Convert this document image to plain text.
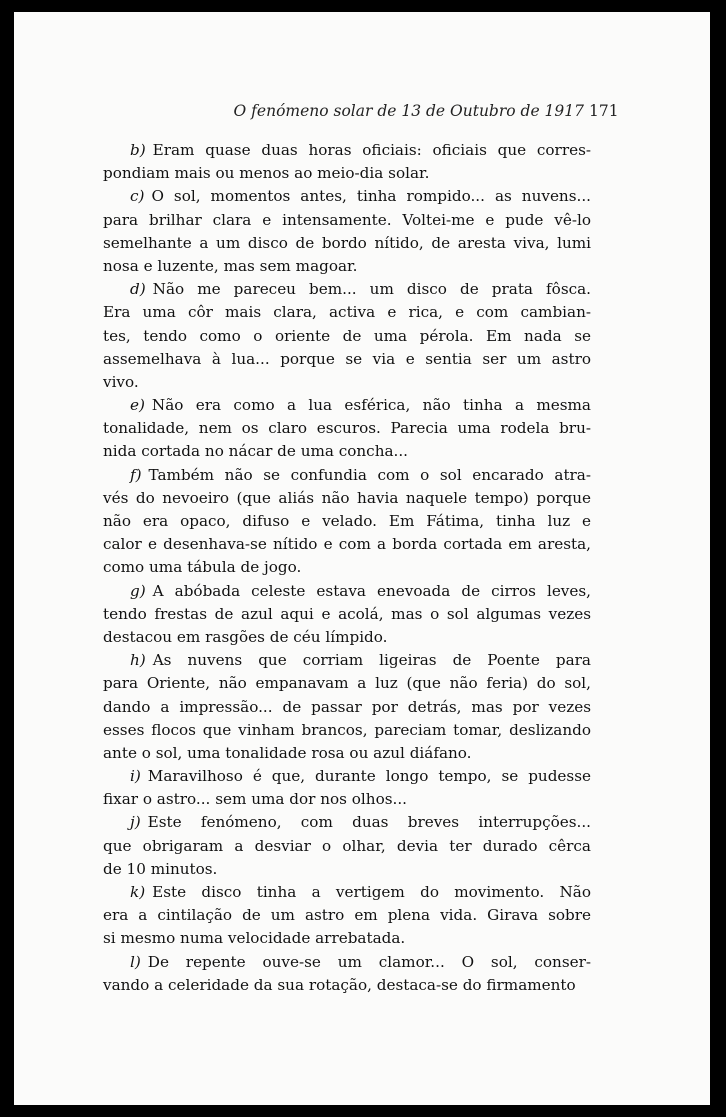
O fenómeno solar de 13 de Outubro de 1917 171
b) Eram quase duas horas oficiais: oficiais que corres-
pondiam mais ou menos ao meio-dia solar.
c) O sol, momentos antes, tinha rompido... as nuvens...
para brilhar clara e intensamente. Voltei-me e pude vê-lo
semelhante a um disco de bordo nítido, de aresta viva, lumi
nosa e luzente, mas sem magoar.
d) Não me pareceu bem... um disco de prata fôsca.
Era uma côr mais clara, activa e rica, e com cambian-
tes, tendo como o oriente de uma pérola. Em nada se
assemelhava à lua... porque se via e sentia ser um astro
vivo.
e) Não era como a lua esférica, não tinha a mesma
tonalidade, nem os claro escuros. Parecia uma rodela bru-
nida cortada no nácar de uma concha...
f) Também não se confundia com o sol encarado atra-
vés do nevoeiro (que aliás não havia naquele tempo) porque
não era opaco, difuso e velado. Em Fátima, tinha luz e
calor e desenhava-se nítido e com a borda cortada em aresta,
como uma tábula de jogo.
g) A abóbada celeste estava enevoada de cirros leves,
tendo frestas de azul aqui e acolá, mas o sol algumas vezes
destacou em rasgões de céu límpido.
h) As nuvens que corriam ligeiras de Poente para
para Oriente, não empanavam a luz (que não feria) do sol,
dando a impressão... de passar por detrás, mas por vezes
esses flocos que vinham brancos, pareciam tomar, deslizando
ante o sol, uma tonalidade rosa ou azul diáfano.
i) Maravilhoso é que, durante longo tempo, se pudesse
fixar o astro... sem uma dor nos olhos...
j) Este fenómeno, com duas breves interrupções...
que obrigaram a desviar o olhar, devia ter durado cêrca
de 10 minutos.
k) Este disco tinha a vertigem do movimento. Não
era a cintilação de um astro em plena vida. Girava sobre
si mesmo numa velocidade arrebatada.
l) De repente ouve-se um clamor... O sol, conser-
vando a celeridade da sua rotação, destaca-se do firmamento
